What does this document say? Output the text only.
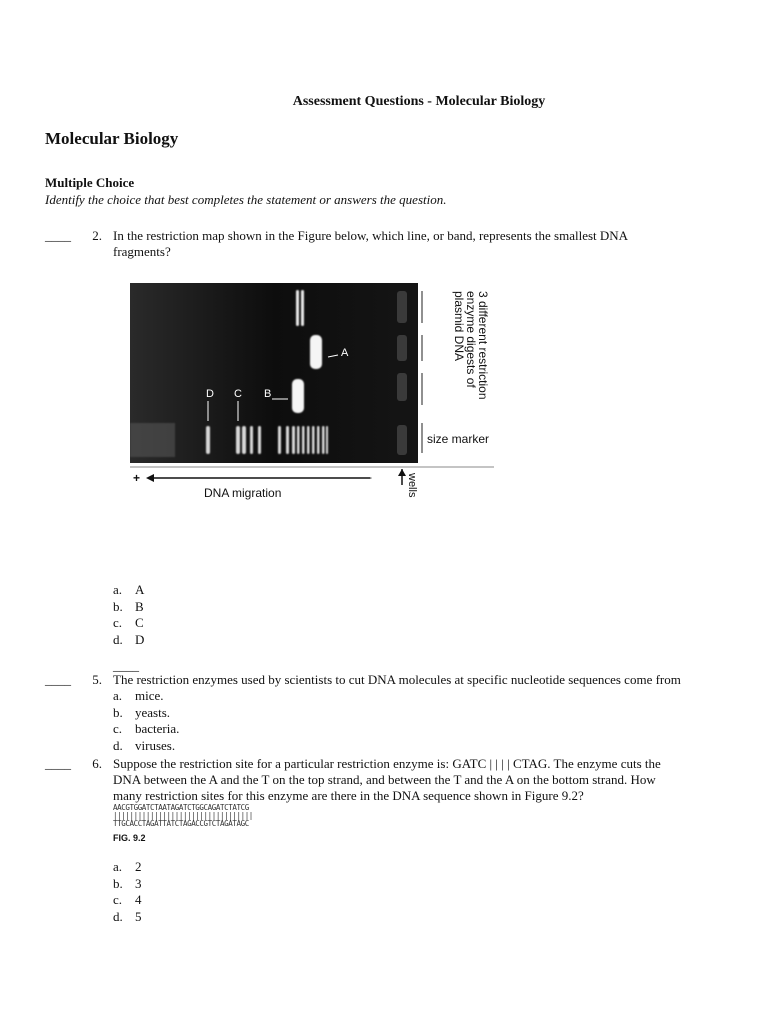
Assessment Questions - Molecular Biology
Molecular Biology
Multiple Choice
Identify the choice that best completes the statement or answers the question.
____	2. In the restriction map shown in the Figure below, which line, or band, represents the smallest DNA
fragments?
A
D C B	3 different restriction
enzyme digests of
plasmid DNA
size marker
+	-
DNA migration	wells
a. A
b. B
c. C
d. D
____
____	5. The restriction enzymes used by scientists to cut DNA molecules at specific nucleotide sequences come from
a. mice.
b. yeasts.
c. bacteria.
d. viruses.
____	6. Suppose the restriction site for a particular restriction enzyme is: GATC | | | | CTAG. The enzyme cuts the
DNA between the A and the T on the top strand, and between the T and the A on the bottom strand. How
many restriction sites for this enzyme are there in the DNA sequence shown in Figure 9.2?
AACGTGGATCTAATAGATCTGGCAGATCTATCG
||||||||||||||||||||||||||||||||||
TTGCACCTAGATTATCTAGACCGTCTAGATAGC
FIG. 9.2
a. 2
b. 3
c. 4
d. 5
